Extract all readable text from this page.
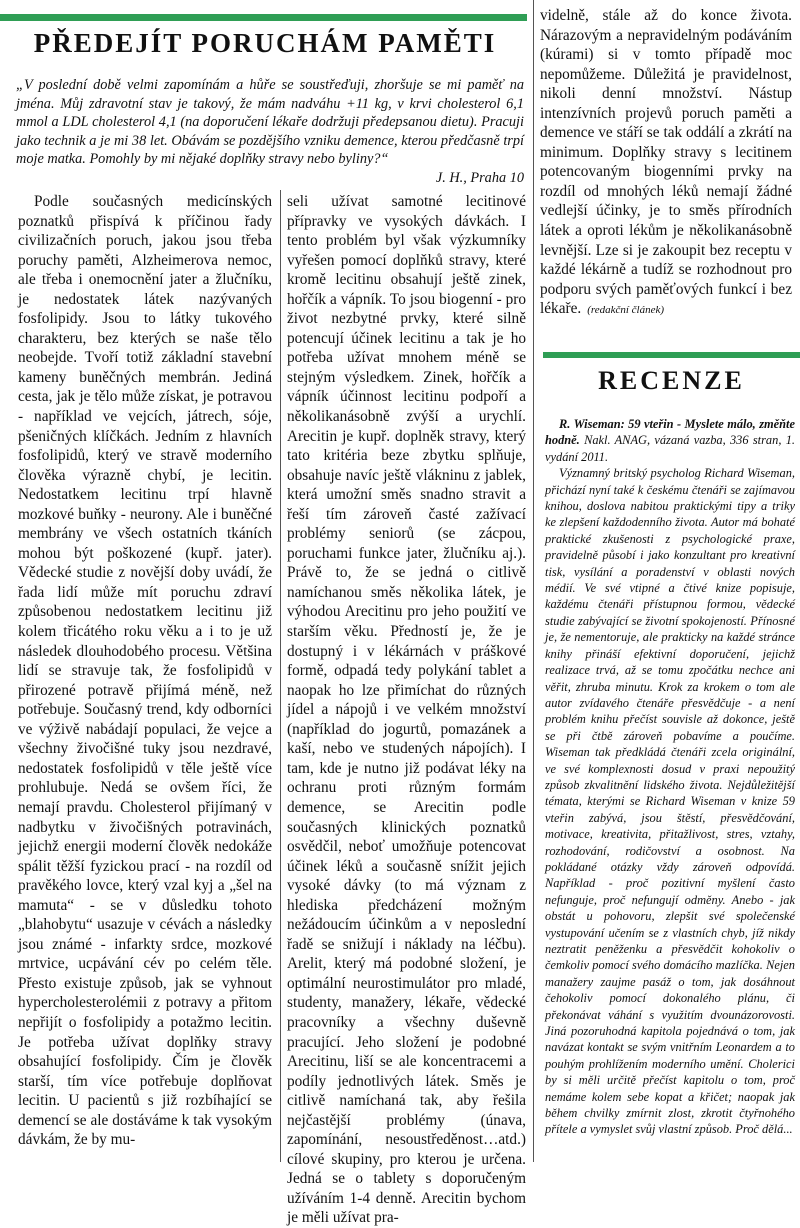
PŘEDEJÍT PORUCHÁM PAMĚTI

„V poslední době velmi zapomínám a hůře se soustřeďuji, zhoršuje se mi paměť na jména. Můj zdravotní stav je takový, že mám nadváhu +11 kg, v krvi cholesterol 6,1 mmol a LDL cholesterol 4,1 (na doporučení lékaře dodržuji předepsanou dietu). Pracuji jako technik a je mi 38 let. Obávám se pozdějšího vzniku demence, kterou předčasně trpí moje matka. Pomohly by mi nějaké doplňky stravy nebo byliny?“

J. H., Praha 10

Podle současných medicínských poznatků přispívá k příčinou řady civilizačních poruch, jakou jsou třeba poruchy paměti, Alzheimerova nemoc, ale třeba i onemocnění jater a žlučníku, je nedostatek látek nazývaných fosfolipidy. Jsou to látky tukového charakteru, bez kterých se naše tělo neobejde. Tvoří totiž základní stavební kameny buněčných membrán. Jediná cesta, jak je tělo může získat, je potravou - například ve vejcích, játrech, sóje, pšeničných klíčkách. Jedním z hlavních fosfolipidů, který ve stravě moderního člověka výrazně chybí, je lecitin. Nedostatkem lecitinu trpí hlavně mozkové buňky - neurony. Ale i buněčné membrány ve všech ostatních tkáních mohou být poškozené (kupř. jater). Vědecké studie z novější doby uvádí, že řada lidí může mít poruchu zdraví způsobenou nedostatkem lecitinu již kolem třicátého roku věku a i to je už následek dlouhodobého procesu. Většina lidí se stravuje tak, že fosfolipidů v přirozené potravě přijímá méně, než potřebuje. Současný trend, kdy odborníci ve výživě nabádají populaci, že vejce a všechny živočišné tuky jsou nezdravé, nedostatek fosfolipidů v těle ještě více prohlubuje. Nedá se ovšem říci, že nemají pravdu. Cholesterol přijímaný v nadbytku v živočišných potravinách, jejichž energii moderní člověk nedokáže spálit těžší fyzickou prací - na rozdíl od pravěkého lovce, který vzal kyj a „šel na mamuta“ - se v důsledku tohoto „blahobytu“ usazuje v cévách a následky jsou známé - infarkty srdce, mozkové mrtvice, ucpávání cév po celém těle. Přesto existuje způsob, jak se vyhnout hypercholesterolémii z potravy a přitom nepřijít o fosfolipidy a potažmo lecitin. Je potřeba užívat doplňky stravy obsahující fosfolipidy. Čím je člověk starší, tím více potřebuje doplňovat lecitin. U pacientů s již rozbíhající se demencí se ale dostáváme k tak vysokým dávkám, že by mu-

seli užívat samotné lecitinové přípravky ve vysokých dávkách. I tento problém byl však výzkumníky vyřešen pomocí doplňků stravy, které kromě lecitinu obsahují ještě zinek, hořčík a vápník. To jsou biogenní - pro život nezbytné prvky, které silně potencují účinek lecitinu a tak je ho potřeba užívat mnohem méně se stejným výsledkem. Zinek, hořčík a vápník účinnost lecitinu podpoří a několikanásobně zvýší a urychlí. Arecitin je kupř. doplněk stravy, který tato kritéria beze zbytku splňuje, obsahuje navíc ještě vlákninu z jablek, která umožní směs snadno stravit a řeší tím zároveň časté zažívací problémy seniorů (se zácpou, poruchami funkce jater, žlučníku aj.). Právě to, že se jedná o citlivě namíchanou směs několika látek, je výhodou Arecitinu pro jeho použití ve starším věku. Předností je, že je dostupný i v lékárnách v práškové formě, odpadá tedy polykání tablet a naopak ho lze přimíchat do různých jídel a nápojů i ve velkém množství (například do jogurtů, pomazánek a kaší, nebo ve studených nápojích). I tam, kde je nutno již podávat léky na ochranu proti různým formám demence, se Arecitin podle současných klinických poznatků osvědčil, neboť umožňuje potencovat účinek léků a současně snížit jejich vysoké dávky (to má význam z hlediska předcházení možným nežádoucím účinkům a v neposlední řadě se snižují i náklady na léčbu). Arelit, který má podobné složení, je optimální neurostimulátor pro mladé, studenty, manažery, lékaře, vědecké pracovníky a všechny duševně pracující. Jeho složení je podobné Arecitinu, liší se ale koncentracemi a podíly jednotlivých látek. Směs je citlivě namíchaná tak, aby řešila nejčastější problémy (únava, zapomínání, nesoustředěnost…atd.) cílové skupiny, pro kterou je určena. Jedná se o tablety s doporučeným užíváním 1-4 denně. Arecitin bychom je měli užívat pra-

videlně, stále až do konce života. Nárazovým a nepravidelným podáváním (kúrami) si v tomto případě moc nepomůžeme. Důležitá je pravidelnost, nikoli denní množství. Nástup intenzívních projevů poruch paměti a demence ve stáří se tak oddálí a zkrátí na minimum. Doplňky stravy s lecitinem potencovaným biogenními prvky na rozdíl od mnohých léků nemají žádné vedlejší účinky, je to směs přírodních látek a oproti lékům je několikanásobně levnější. Lze si je zakoupit bez receptu v každé lékárně a tudíž se rozhodnout pro podporu svých paměťových funkcí i bez lékaře. (redakční článek)
RECENZE

R. Wiseman: 59 vteřin - Myslete málo, změňte hodně. Nakl. ANAG, vázaná vazba, 336 stran, 1. vydání 2011.

Významný britský psycholog Richard Wiseman, přichází nyní také k českému čtenáři se zajímavou knihou, doslova nabitou praktickými tipy a triky ke zlepšení každodenního života. Autor má bohaté praktické zkušenosti z psychologické praxe, pravidelně působí i jako konzultant pro kreativní tisk, vysílání a poradenství v oblasti nových médií. Ve své vtipné a čtivé knize popisuje, každému čtenáři přístupnou formou, vědecké studie zabývající se životní spokojeností. Přínosné je, že nementoruje, ale prakticky na každé stránce knihy přináší efektivní doporučení, jejichž realizace trvá, až se tomu zpočátku nechce ani věřit, zhruba minutu. Krok za krokem o tom ale autor zvídavého čtenáře přesvědčuje - a není problém knihu přečíst souvisle až dokonce, ještě se při čtbě zároveň pobavíme a poučíme. Wiseman tak předkládá čtenáři zcela originální, ve své komplexnosti dosud v praxi nepoužitý způsob zkvalitnění lidského života. Nejdůležitější témata, kterými se Richard Wiseman v knize 59 vteřin zabývá, jsou štěstí, přesvědčování, motivace, kreativita, přitažlivost, stres, vztahy, rozhodování, rodičovství a osobnost. Na pokládané otázky vždy zároveň odpovídá. Například - proč pozitivní myšlení často nefunguje, proč nefungují odměny. Anebo - jak obstát u pohovoru, zlepšit své společenské vystupování učením se z vlastních chyb, jíž nikdy neztratit peněženku a přesvědčit kohokoliv o čemkoliv pomocí svého domácího mazlíčka. Nejen manažery zaujme pasáž o tom, jak dosáhnout čehokoliv pomocí dokonalého plánu, či překonávat váhání s využitím dvounázorovosti. Jiná pozoruhodná kapitola pojednává o tom, jak navázat kontakt se svým vnitřním Leonardem a to pouhým prohlížením moderního umění. Cholerici by si měli určitě přečíst kapitolu o tom, proč nemáme kolem sebe kopat a křičet; naopak jak během chvilky zmírnit zlost, zkrotit čtyřnohého přítele a vymyslet svůj vlastní způsob. Proč dělá...
